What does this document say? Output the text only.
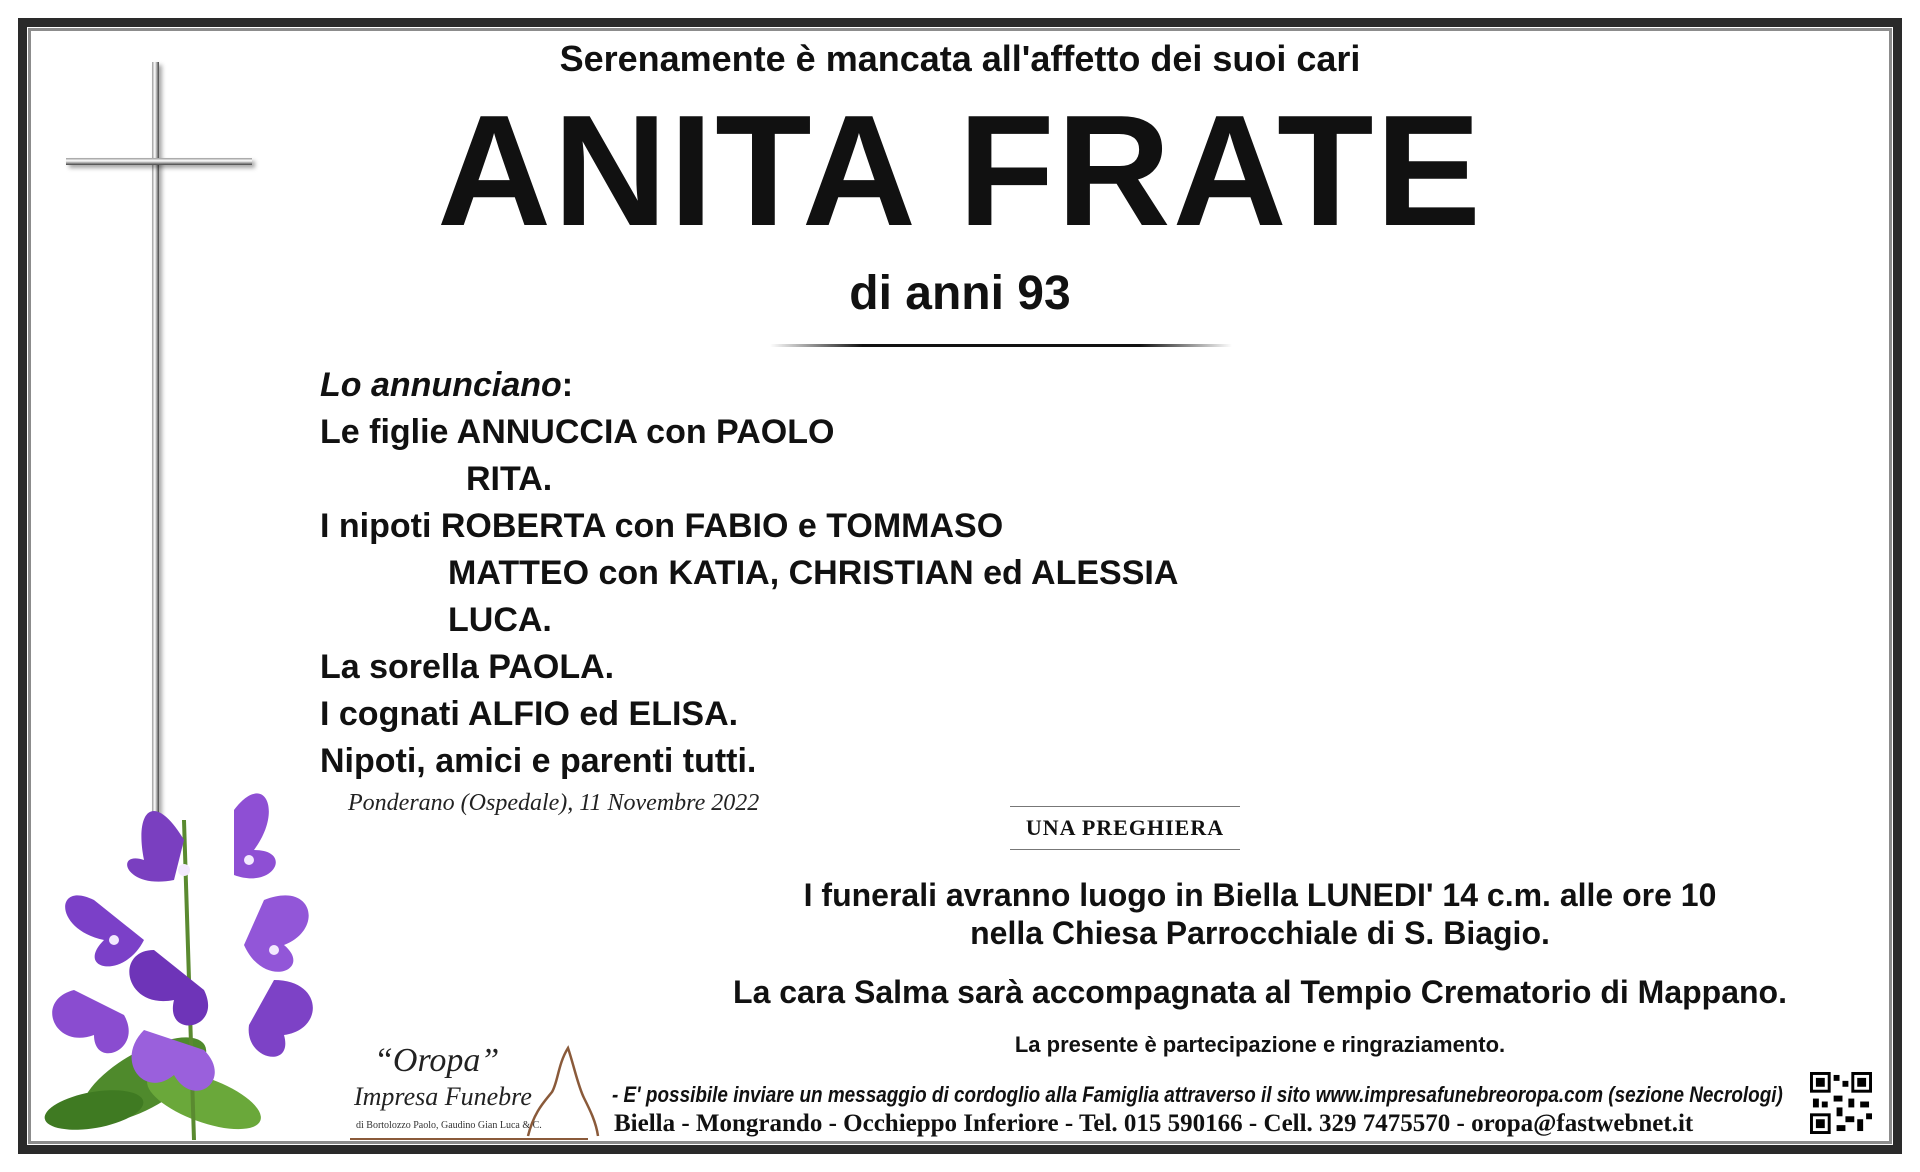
Serenamente è mancata all'affetto dei suoi cari
ANITA FRATE
di anni 93
Lo annunciano:
Le figlie ANNUCCIA con PAOLO
RITA.
I nipoti ROBERTA con FABIO e TOMMASO
MATTEO con KATIA, CHRISTIAN ed ALESSIA
LUCA.
La sorella PAOLA.
I cognati ALFIO ed ELISA.
Nipoti, amici e parenti tutti.
Ponderano (Ospedale), 11 Novembre 2022
UNA PREGHIERA
I funerali avranno luogo in Biella LUNEDI' 14 c.m. alle ore 10
nella Chiesa Parrocchiale di S. Biagio.
La cara Salma sarà accompagnata al Tempio Crematorio di Mappano.
La presente è partecipazione e ringraziamento.
- E' possibile inviare un messaggio di cordoglio alla Famiglia attraverso il sito www.impresafunebreoropa.com (sezione Necrologi)
Biella - Mongrando - Occhieppo Inferiore - Tel. 015 590166 - Cell. 329 7475570 - oropa@fastwebnet.it
“Oropa”
Impresa Funebre
di Bortolozzo Paolo, Gaudino Gian Luca & C.
